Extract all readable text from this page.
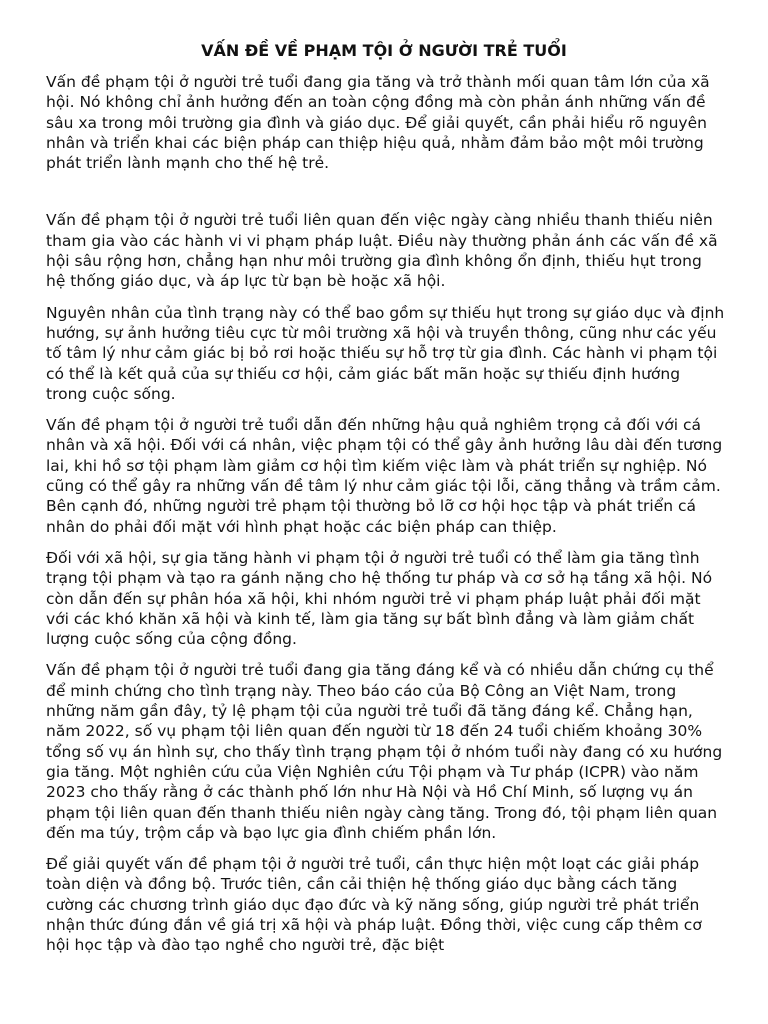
VẤN ĐỀ VỀ PHẠM TỘI Ở NGƯỜI TRẺ TUỔI

Vấn đề phạm tội ở người trẻ tuổi đang gia tăng và trở thành mối quan tâm lớn của xã hội. Nó không chỉ ảnh hưởng đến an toàn cộng đồng mà còn phản ánh những vấn đề sâu xa trong môi trường gia đình và giáo dục. Để giải quyết, cần phải hiểu rõ nguyên nhân và triển khai các biện pháp can thiệp hiệu quả, nhằm đảm bảo một môi trường phát triển lành mạnh cho thế hệ trẻ.

Vấn đề phạm tội ở người trẻ tuổi liên quan đến việc ngày càng nhiều thanh thiếu niên tham gia vào các hành vi vi phạm pháp luật. Điều này thường phản ánh các vấn đề xã hội sâu rộng hơn, chẳng hạn như môi trường gia đình không ổn định, thiếu hụt trong hệ thống giáo dục, và áp lực từ bạn bè hoặc xã hội.

Nguyên nhân của tình trạng này có thể bao gồm sự thiếu hụt trong sự giáo dục và định hướng, sự ảnh hưởng tiêu cực từ môi trường xã hội và truyền thông, cũng như các yếu tố tâm lý như cảm giác bị bỏ rơi hoặc thiếu sự hỗ trợ từ gia đình. Các hành vi phạm tội có thể là kết quả của sự thiếu cơ hội, cảm giác bất mãn hoặc sự thiếu định hướng trong cuộc sống.

Vấn đề phạm tội ở người trẻ tuổi dẫn đến những hậu quả nghiêm trọng cả đối với cá nhân và xã hội. Đối với cá nhân, việc phạm tội có thể gây ảnh hưởng lâu dài đến tương lai, khi hồ sơ tội phạm làm giảm cơ hội tìm kiếm việc làm và phát triển sự nghiệp. Nó cũng có thể gây ra những vấn đề tâm lý như cảm giác tội lỗi, căng thẳng và trầm cảm. Bên cạnh đó, những người trẻ phạm tội thường bỏ lỡ cơ hội học tập và phát triển cá nhân do phải đối mặt với hình phạt hoặc các biện pháp can thiệp.

Đối với xã hội, sự gia tăng hành vi phạm tội ở người trẻ tuổi có thể làm gia tăng tình trạng tội phạm và tạo ra gánh nặng cho hệ thống tư pháp và cơ sở hạ tầng xã hội. Nó còn dẫn đến sự phân hóa xã hội, khi nhóm người trẻ vi phạm pháp luật phải đối mặt với các khó khăn xã hội và kinh tế, làm gia tăng sự bất bình đẳng và làm giảm chất lượng cuộc sống của cộng đồng.

Vấn đề phạm tội ở người trẻ tuổi đang gia tăng đáng kể và có nhiều dẫn chứng cụ thể để minh chứng cho tình trạng này. Theo báo cáo của Bộ Công an Việt Nam, trong những năm gần đây, tỷ lệ phạm tội của người trẻ tuổi đã tăng đáng kể. Chẳng hạn, năm 2022, số vụ phạm tội liên quan đến người từ 18 đến 24 tuổi chiếm khoảng 30% tổng số vụ án hình sự, cho thấy tình trạng phạm tội ở nhóm tuổi này đang có xu hướng gia tăng. Một nghiên cứu của Viện Nghiên cứu Tội phạm và Tư pháp (ICPR) vào năm 2023 cho thấy rằng ở các thành phố lớn như Hà Nội và Hồ Chí Minh, số lượng vụ án phạm tội liên quan đến thanh thiếu niên ngày càng tăng. Trong đó, tội phạm liên quan đến ma túy, trộm cắp và bạo lực gia đình chiếm phần lớn.

Để giải quyết vấn đề phạm tội ở người trẻ tuổi, cần thực hiện một loạt các giải pháp toàn diện và đồng bộ. Trước tiên, cần cải thiện hệ thống giáo dục bằng cách tăng cường các chương trình giáo dục đạo đức và kỹ năng sống, giúp người trẻ phát triển nhận thức đúng đắn về giá trị xã hội và pháp luật. Đồng thời, việc cung cấp thêm cơ hội học tập và đào tạo nghề cho người trẻ, đặc biệt
